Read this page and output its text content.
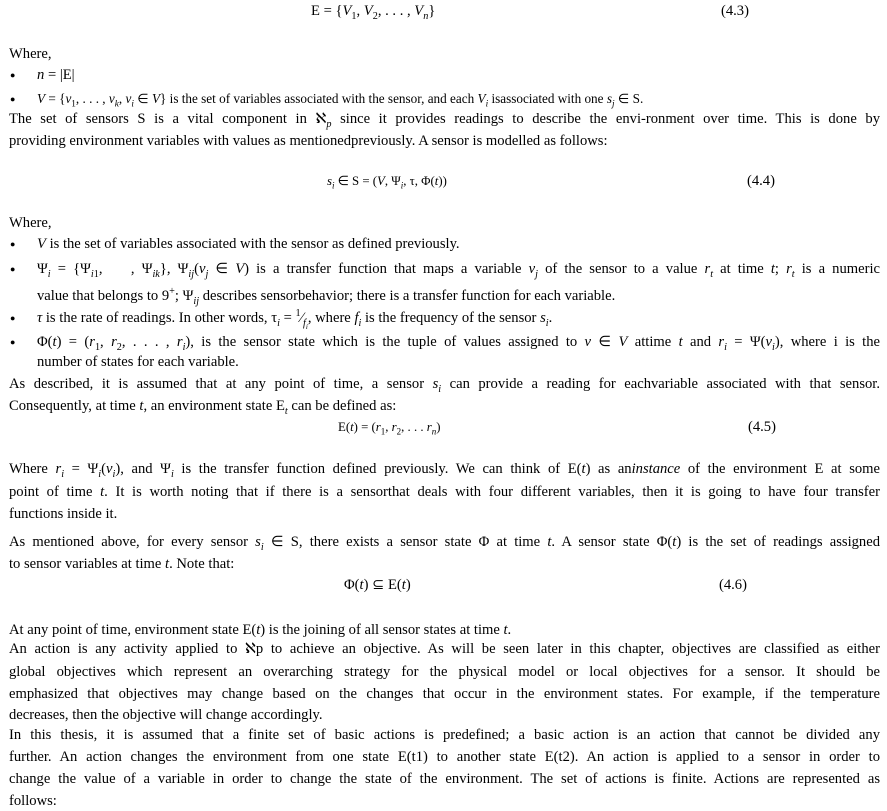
$E = \{V_1$, $V_2$, . . . , $V_n$}	(4.3)
Where,
● n = |E|
● $V = \{v_1$, . . . , $v_k$, $v_i$ ∈ V} is the set of variables associated with the sensor, and each $V_i$ isassociated with one $s_j$ ∈ S.
The set of sensors S is a vital component in ℵ$_p$ since it provides readings to describe the envi-ronment over time. This is done by
providing environment variables with values as mentionedpreviously. A sensor is modelled as follows:
$s_i$ ∈ S = (V, $\Psi_i$, τ, Φ(t))	(4.4)
Where,
● V is the set of variables associated with the sensor as defined previously.
● $\Psi_i = \{\Psi_{i1}$,    , $\Psi_{ik}$}, $\Psi_{ij}(v_j$ ∈ V) is a transfer function that maps a variable $v_j$ of the sensor to a value $r_t$ at time t; $r_t$ is a numeric
value that belongs to 9+; $\Psi_{ij}$ describes sensorbehavior; there is a transfer function for each variable.
● τ is the rate of readings. In other words, $\tau_i$ = $^1⁄_{f_i}$, where $f_i$ is the frequency of the sensor $s_i$.
● $\Phi(t) = (r_1$, $r_2$, . . . , $r_i$), is the sensor state which is the tuple of values assigned to v ∈ V attime t and $r_i = \Psi(v_i)$, where i is the
number of states for each variable.
As described, it is assumed that at any point of time, a sensor $s_i$ can provide a reading for eachvariable associated with that sensor.
Consequently, at time t, an environment state $E_t$ can be defined as:
$E(t) = (r_1$, $r_2$, . . . $r_n$)	(4.5)
Where $r_i = \Psi_i(v_i)$, and $\Psi_i$ is the transfer function defined previously. We can think of E(t) as aninstance of the environment E at some
point of time t. It is worth noting that if there is a sensorthat deals with four different variables, then it is going to have four transfer
functions inside it.
As mentioned above, for every sensor $s_i$ ∈ S, there exists a sensor state Φ at time t. A sensor state Φ(t) is the set of readings assigned
to sensor variables at time t. Note that:
Φ(t) ⊆ E(t)	(4.6)
At any point of time, environment state E(t) is the joining of all sensor states at time t.
An action is any activity applied to ℵp to achieve an objective. As will be seen later in this chapter, objectives are classified as either
global objectives which represent an overarching strategy for the physical model or local objectives for a sensor. It should be
emphasized that objectives may change based on the changes that occur in the environment states. For example, if the temperature
decreases, then the objective will change accordingly.
In this thesis, it is assumed that a finite set of basic actions is predefined; a basic action is an action that cannot be divided any
further. An action changes the environment from one state E(t1) to another state E(t2). An action is applied to a sensor in order to
change the value of a variable in order to change the state of the environment. The set of actions is finite. Actions are represented as
follows:
